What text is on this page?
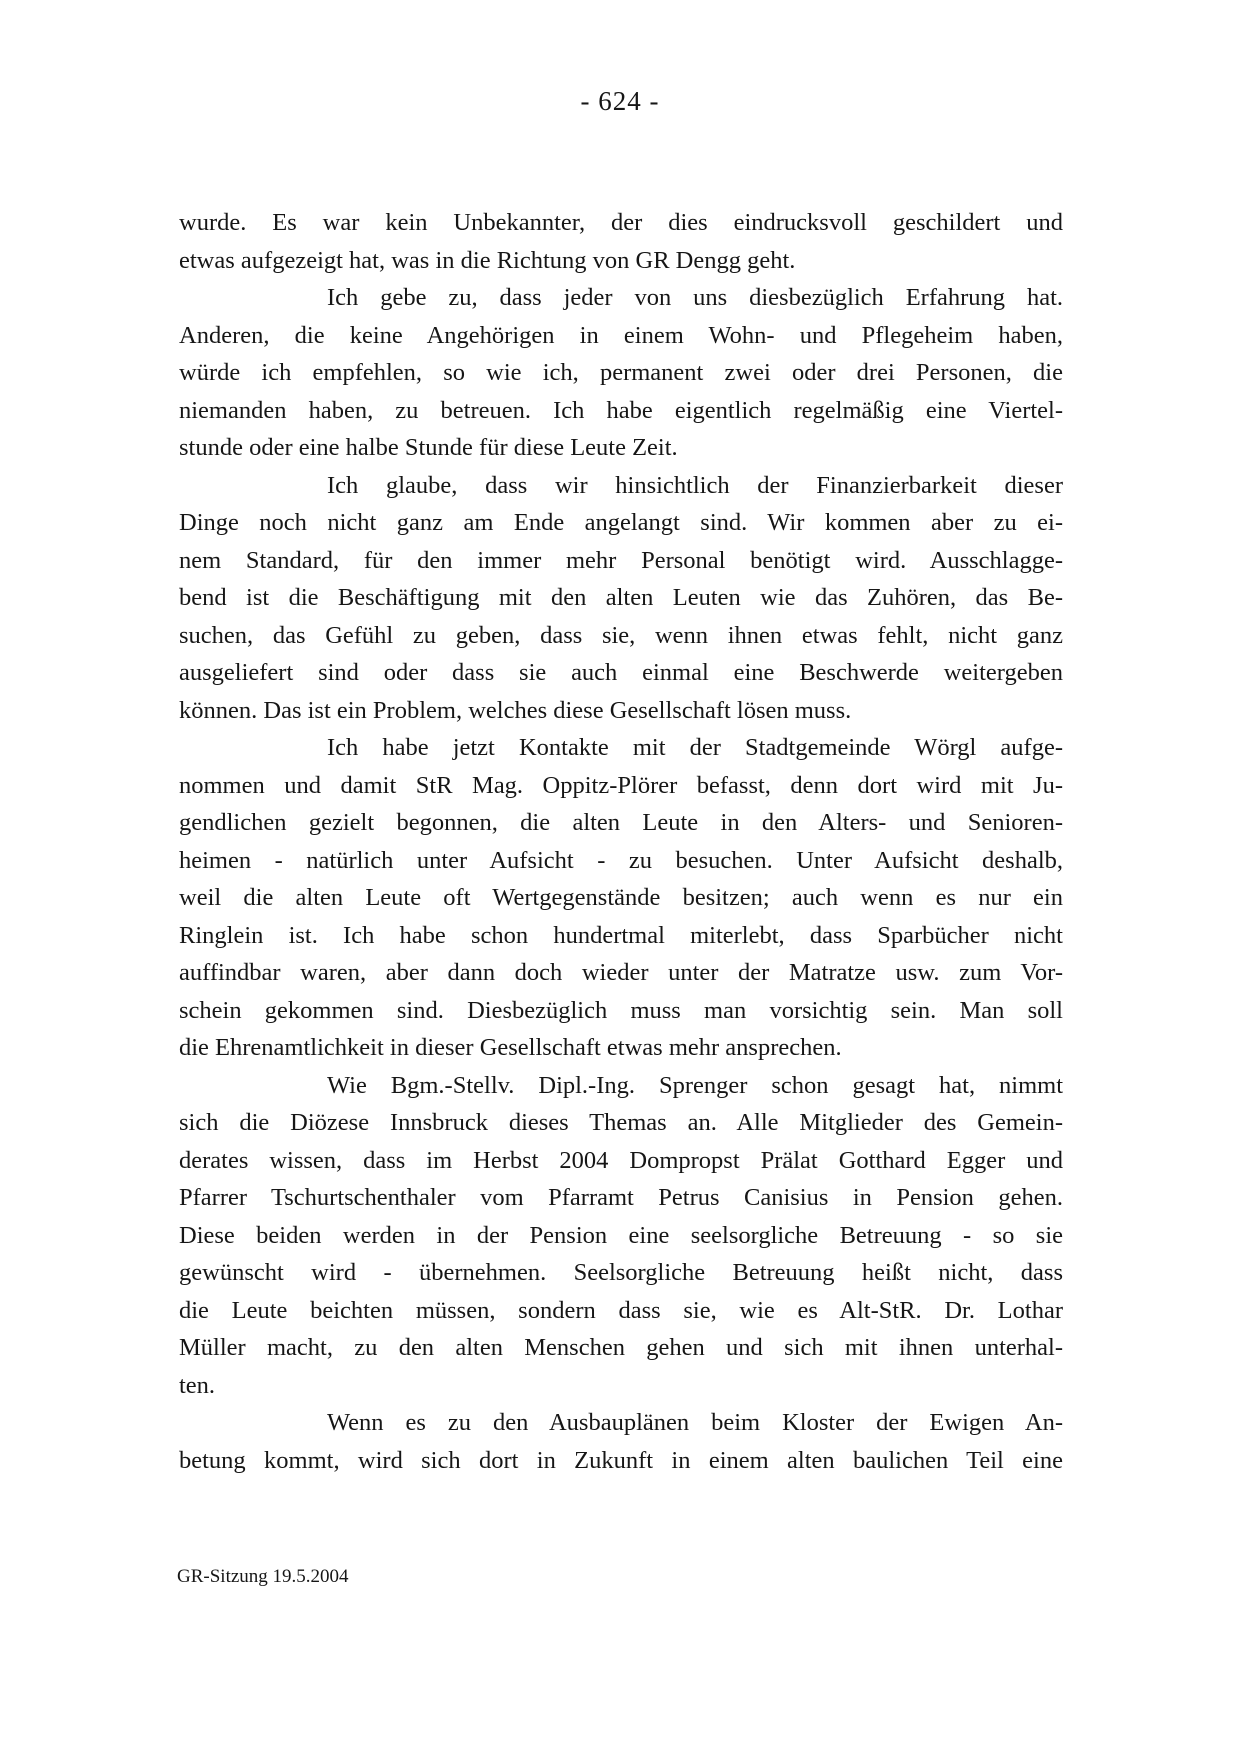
- 624 -
wurde. Es war kein Unbekannter, der dies eindrucksvoll geschildert und
etwas aufgezeigt hat, was in die Richtung von GR Dengg geht.
Ich gebe zu, dass jeder von uns diesbezüglich Erfahrung hat.
Anderen, die keine Angehörigen in einem Wohn- und Pflegeheim haben,
würde ich empfehlen, so wie ich, permanent zwei oder drei Personen, die
niemanden haben, zu betreuen. Ich habe eigentlich regelmäßig eine Viertel-
stunde oder eine halbe Stunde für diese Leute Zeit.
Ich glaube, dass wir hinsichtlich der Finanzierbarkeit dieser
Dinge noch nicht ganz am Ende angelangt sind. Wir kommen aber zu ei-
nem Standard, für den immer mehr Personal benötigt wird. Ausschlagge-
bend ist die Beschäftigung mit den alten Leuten wie das Zuhören, das Be-
suchen, das Gefühl zu geben, dass sie, wenn ihnen etwas fehlt, nicht ganz
ausgeliefert sind oder dass sie auch einmal eine Beschwerde weitergeben
können. Das ist ein Problem, welches diese Gesellschaft lösen muss.
Ich habe jetzt Kontakte mit der Stadtgemeinde Wörgl aufge-
nommen und damit StR Mag. Oppitz-Plörer befasst, denn dort wird mit Ju-
gendlichen gezielt begonnen, die alten Leute in den Alters- und Senioren-
heimen - natürlich unter Aufsicht - zu besuchen. Unter Aufsicht deshalb,
weil die alten Leute oft Wertgegenstände besitzen; auch wenn es nur ein
Ringlein ist. Ich habe schon hundertmal miterlebt, dass Sparbücher nicht
auffindbar waren, aber dann doch wieder unter der Matratze usw. zum Vor-
schein gekommen sind. Diesbezüglich muss man vorsichtig sein. Man soll
die Ehrenamtlichkeit in dieser Gesellschaft etwas mehr ansprechen.
Wie Bgm.-Stellv. Dipl.-Ing. Sprenger schon gesagt hat, nimmt
sich die Diözese Innsbruck dieses Themas an. Alle Mitglieder des Gemein-
derates wissen, dass im Herbst 2004 Dompropst Prälat Gotthard Egger und
Pfarrer Tschurtschenthaler vom Pfarramt Petrus Canisius in Pension gehen.
Diese beiden werden in der Pension eine seelsorgliche Betreuung - so sie
gewünscht wird - übernehmen. Seelsorgliche Betreuung heißt nicht, dass
die Leute beichten müssen, sondern dass sie, wie es Alt-StR. Dr. Lothar
Müller macht, zu den alten Menschen gehen und sich mit ihnen unterhal-
ten.
Wenn es zu den Ausbauplänen beim Kloster der Ewigen An-
betung kommt, wird sich dort in Zukunft in einem alten baulichen Teil eine
GR-Sitzung 19.5.2004
